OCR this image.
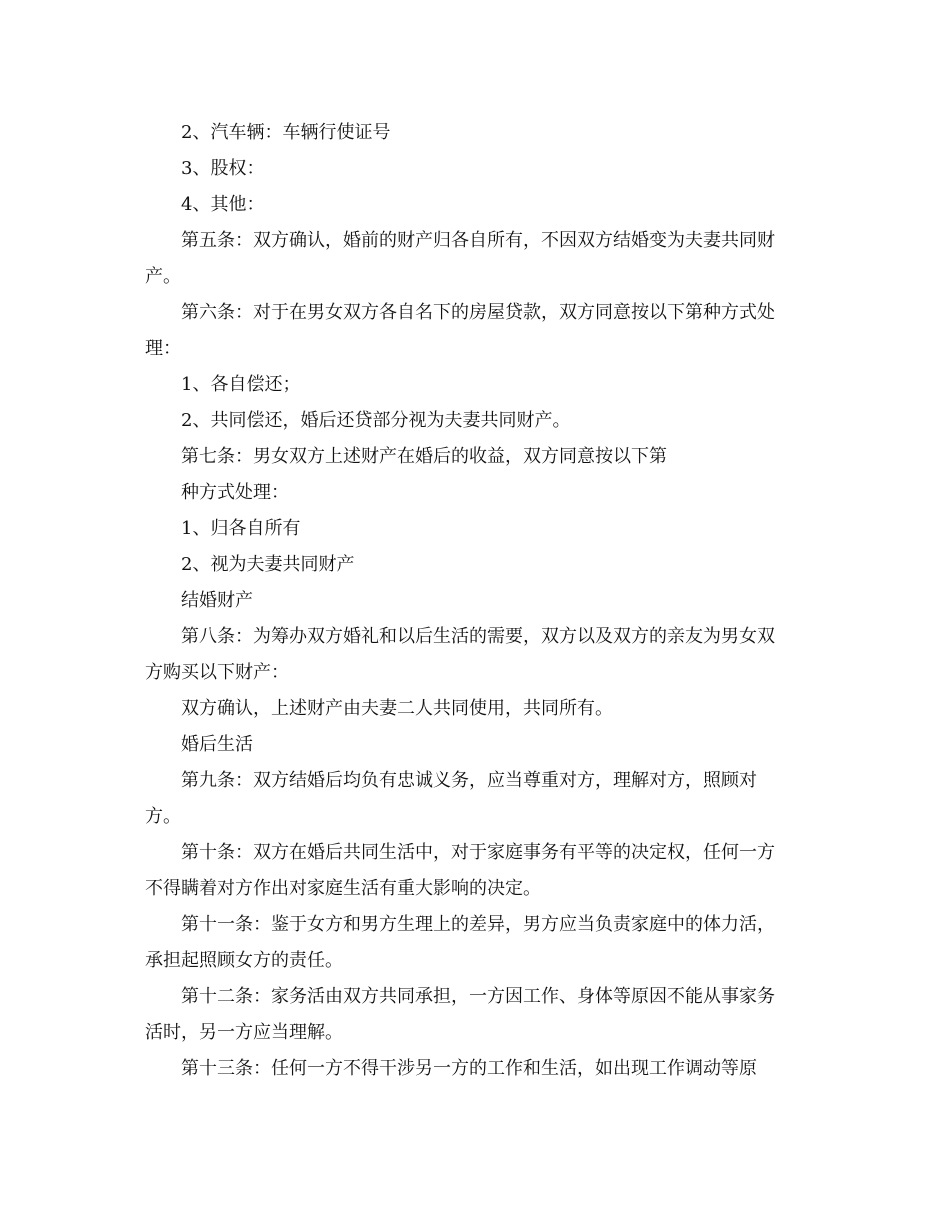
2、汽车辆：车辆行使证号

3、股权：

4、其他：

第五条：双方确认，婚前的财产归各自所有，不因双方结婚变为夫妻共同财
产。

第六条：对于在男女双方各自名下的房屋贷款，双方同意按以下第种方式处
理：

1、各自偿还；

2、共同偿还，婚后还贷部分视为夫妻共同财产。

第七条：男女双方上述财产在婚后的收益，双方同意按以下第

种方式处理：

1、归各自所有

2、视为夫妻共同财产

结婚财产

第八条：为筹办双方婚礼和以后生活的需要，双方以及双方的亲友为男女双
方购买以下财产：

双方确认，上述财产由夫妻二人共同使用，共同所有。

婚后生活

第九条：双方结婚后均负有忠诚义务，应当尊重对方，理解对方，照顾对
方。

第十条：双方在婚后共同生活中，对于家庭事务有平等的决定权，任何一方
不得瞒着对方作出对家庭生活有重大影响的决定。

第十一条：鉴于女方和男方生理上的差异，男方应当负责家庭中的体力活，
承担起照顾女方的责任。

第十二条：家务活由双方共同承担，一方因工作、身体等原因不能从事家务
活时，另一方应当理解。

第十三条：任何一方不得干涉另一方的工作和生活，如出现工作调动等原
